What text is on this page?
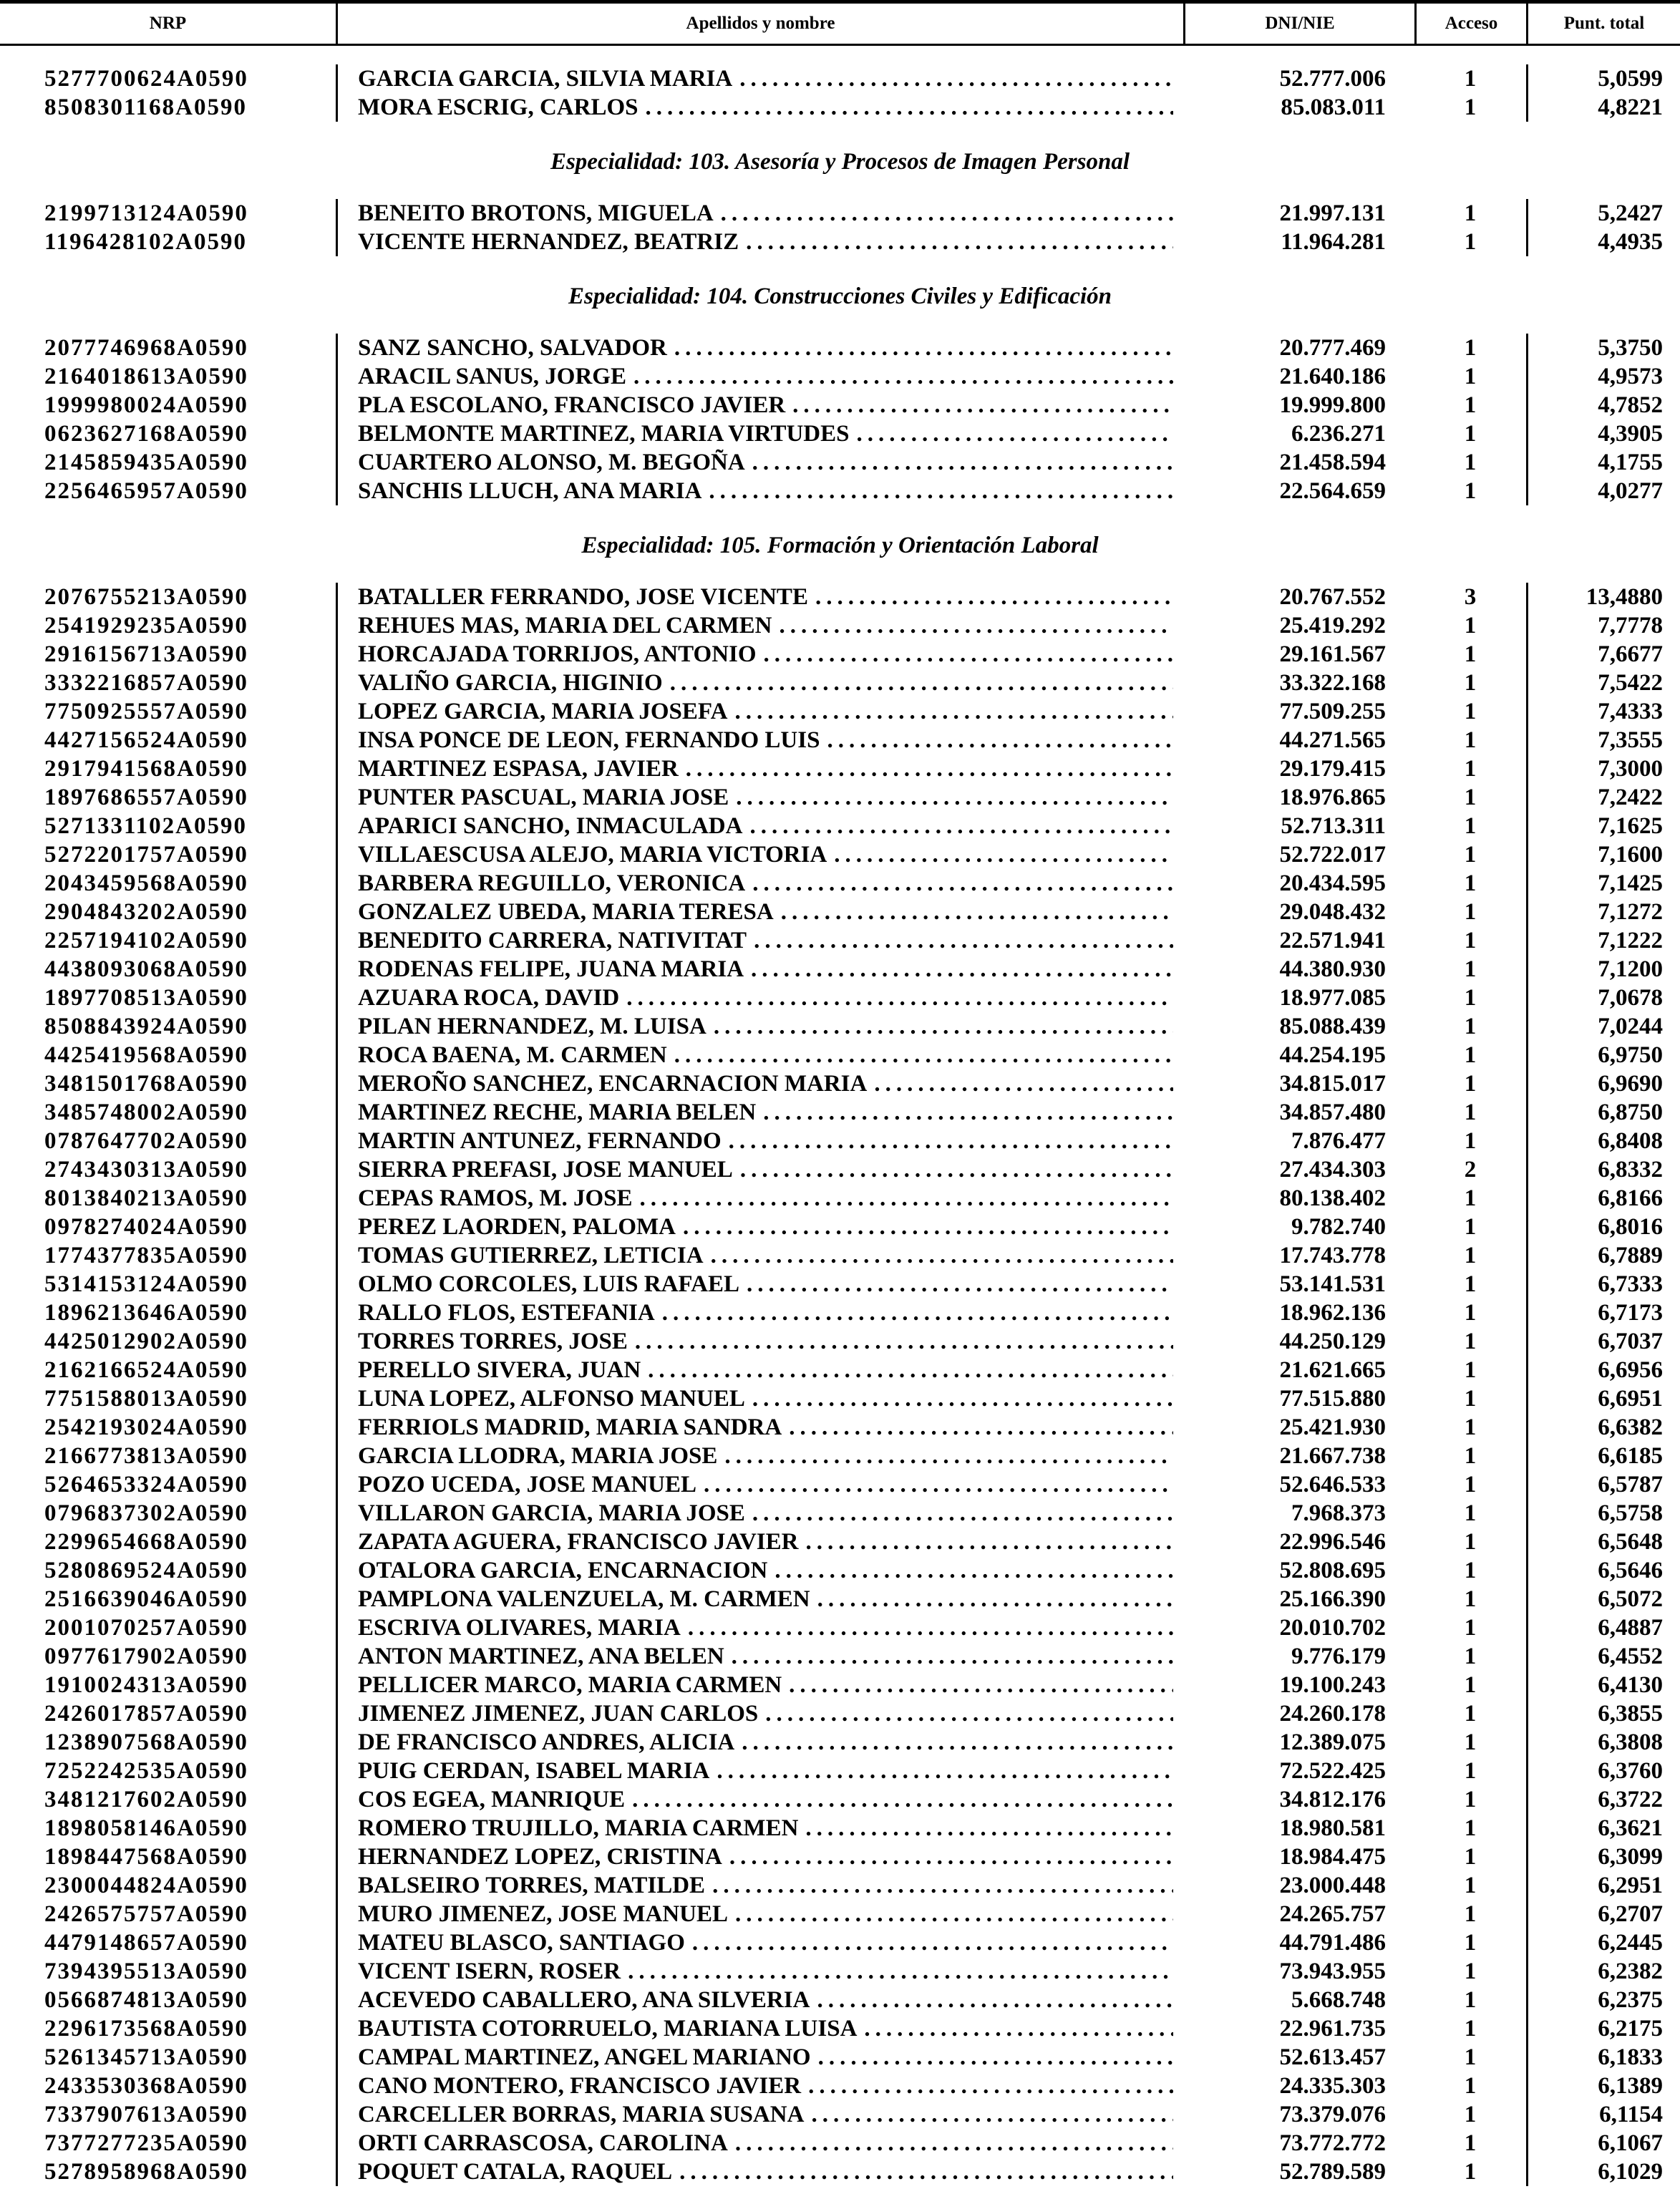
NRP	Apellidos y nombre	DNI/NIE	Acceso	Punt. total
5277700624A0590	GARCIA GARCIA, SILVIA MARIA .....	52.777.006	1	5,0599
8508301168A0590	MORA ESCRIG, CARLOS .....	85.083.011	1	4,8221
Especialidad: 103. Asesoría y Procesos de Imagen Personal
2199713124A0590	BENEITO BROTONS, MIGUELA .....	21.997.131	1	5,2427
1196428102A0590	VICENTE HERNANDEZ, BEATRIZ .....	11.964.281	1	4,4935
Especialidad: 104. Construcciones Civiles y Edificación
2077746968A0590	SANZ SANCHO, SALVADOR .....	20.777.469	1	5,3750
2164018613A0590	ARACIL SANUS, JORGE .....	21.640.186	1	4,9573
1999980024A0590	PLA ESCOLANO, FRANCISCO JAVIER .....	19.999.800	1	4,7852
0623627168A0590	BELMONTE MARTINEZ, MARIA VIRTUDES .....	6.236.271	1	4,3905
2145859435A0590	CUARTERO ALONSO, M. BEGOÑA .....	21.458.594	1	4,1755
2256465957A0590	SANCHIS LLUCH, ANA MARIA .....	22.564.659	1	4,0277
Especialidad: 105. Formación y Orientación Laboral
2076755213A0590	BATALLER FERRANDO, JOSE VICENTE .....	20.767.552	3	13,4880
2541929235A0590	REHUES MAS, MARIA DEL CARMEN .....	25.419.292	1	7,7778
2916156713A0590	HORCAJADA TORRIJOS, ANTONIO .....	29.161.567	1	7,6677
3332216857A0590	VALIÑO GARCIA, HIGINIO .....	33.322.168	1	7,5422
7750925557A0590	LOPEZ GARCIA, MARIA JOSEFA .....	77.509.255	1	7,4333
4427156524A0590	INSA PONCE DE LEON, FERNANDO LUIS .....	44.271.565	1	7,3555
2917941568A0590	MARTINEZ ESPASA, JAVIER .....	29.179.415	1	7,3000
1897686557A0590	PUNTER PASCUAL, MARIA JOSE .....	18.976.865	1	7,2422
5271331102A0590	APARICI SANCHO, INMACULADA .....	52.713.311	1	7,1625
5272201757A0590	VILLAESCUSA ALEJO, MARIA VICTORIA .....	52.722.017	1	7,1600
2043459568A0590	BARBERA REGUILLO, VERONICA .....	20.434.595	1	7,1425
2904843202A0590	GONZALEZ UBEDA, MARIA TERESA .....	29.048.432	1	7,1272
2257194102A0590	BENEDITO CARRERA, NATIVITAT .....	22.571.941	1	7,1222
4438093068A0590	RODENAS FELIPE, JUANA MARIA .....	44.380.930	1	7,1200
1897708513A0590	AZUARA ROCA, DAVID .....	18.977.085	1	7,0678
8508843924A0590	PILAN HERNANDEZ, M. LUISA .....	85.088.439	1	7,0244
4425419568A0590	ROCA BAENA, M. CARMEN .....	44.254.195	1	6,9750
3481501768A0590	MEROÑO SANCHEZ, ENCARNACION MARIA .....	34.815.017	1	6,9690
3485748002A0590	MARTINEZ RECHE, MARIA BELEN .....	34.857.480	1	6,8750
0787647702A0590	MARTIN ANTUNEZ, FERNANDO .....	7.876.477	1	6,8408
2743430313A0590	SIERRA PREFASI, JOSE MANUEL .....	27.434.303	2	6,8332
8013840213A0590	CEPAS RAMOS, M. JOSE .....	80.138.402	1	6,8166
0978274024A0590	PEREZ LAORDEN, PALOMA .....	9.782.740	1	6,8016
1774377835A0590	TOMAS GUTIERREZ, LETICIA .....	17.743.778	1	6,7889
5314153124A0590	OLMO CORCOLES, LUIS RAFAEL .....	53.141.531	1	6,7333
1896213646A0590	RALLO FLOS, ESTEFANIA .....	18.962.136	1	6,7173
4425012902A0590	TORRES TORRES, JOSE .....	44.250.129	1	6,7037
2162166524A0590	PERELLO SIVERA, JUAN .....	21.621.665	1	6,6956
7751588013A0590	LUNA LOPEZ, ALFONSO MANUEL .....	77.515.880	1	6,6951
2542193024A0590	FERRIOLS MADRID, MARIA SANDRA .....	25.421.930	1	6,6382
2166773813A0590	GARCIA LLODRA, MARIA JOSE .....	21.667.738	1	6,6185
5264653324A0590	POZO UCEDA, JOSE MANUEL .....	52.646.533	1	6,5787
0796837302A0590	VILLARON GARCIA, MARIA JOSE .....	7.968.373	1	6,5758
2299654668A0590	ZAPATA AGUERA, FRANCISCO JAVIER .....	22.996.546	1	6,5648
5280869524A0590	OTALORA GARCIA, ENCARNACION .....	52.808.695	1	6,5646
2516639046A0590	PAMPLONA VALENZUELA, M. CARMEN .....	25.166.390	1	6,5072
2001070257A0590	ESCRIVA OLIVARES, MARIA .....	20.010.702	1	6,4887
0977617902A0590	ANTON MARTINEZ, ANA BELEN .....	9.776.179	1	6,4552
1910024313A0590	PELLICER MARCO, MARIA CARMEN .....	19.100.243	1	6,4130
2426017857A0590	JIMENEZ JIMENEZ, JUAN CARLOS .....	24.260.178	1	6,3855
1238907568A0590	DE FRANCISCO ANDRES, ALICIA .....	12.389.075	1	6,3808
7252242535A0590	PUIG CERDAN, ISABEL MARIA .....	72.522.425	1	6,3760
3481217602A0590	COS EGEA, MANRIQUE .....	34.812.176	1	6,3722
1898058146A0590	ROMERO TRUJILLO, MARIA CARMEN .....	18.980.581	1	6,3621
1898447568A0590	HERNANDEZ LOPEZ, CRISTINA .....	18.984.475	1	6,3099
2300044824A0590	BALSEIRO TORRES, MATILDE .....	23.000.448	1	6,2951
2426575757A0590	MURO JIMENEZ, JOSE MANUEL .....	24.265.757	1	6,2707
4479148657A0590	MATEU BLASCO, SANTIAGO .....	44.791.486	1	6,2445
7394395513A0590	VICENT ISERN, ROSER .....	73.943.955	1	6,2382
0566874813A0590	ACEVEDO CABALLERO, ANA SILVERIA .....	5.668.748	1	6,2375
2296173568A0590	BAUTISTA COTORRUELO, MARIANA LUISA .....	22.961.735	1	6,2175
5261345713A0590	CAMPAL MARTINEZ, ANGEL MARIANO .....	52.613.457	1	6,1833
2433530368A0590	CANO MONTERO, FRANCISCO JAVIER .....	24.335.303	1	6,1389
7337907613A0590	CARCELLER BORRAS, MARIA SUSANA .....	73.379.076	1	6,1154
7377277235A0590	ORTI CARRASCOSA, CAROLINA .....	73.772.772	1	6,1067
5278958968A0590	POQUET CATALA, RAQUEL .....	52.789.589	1	6,1029
